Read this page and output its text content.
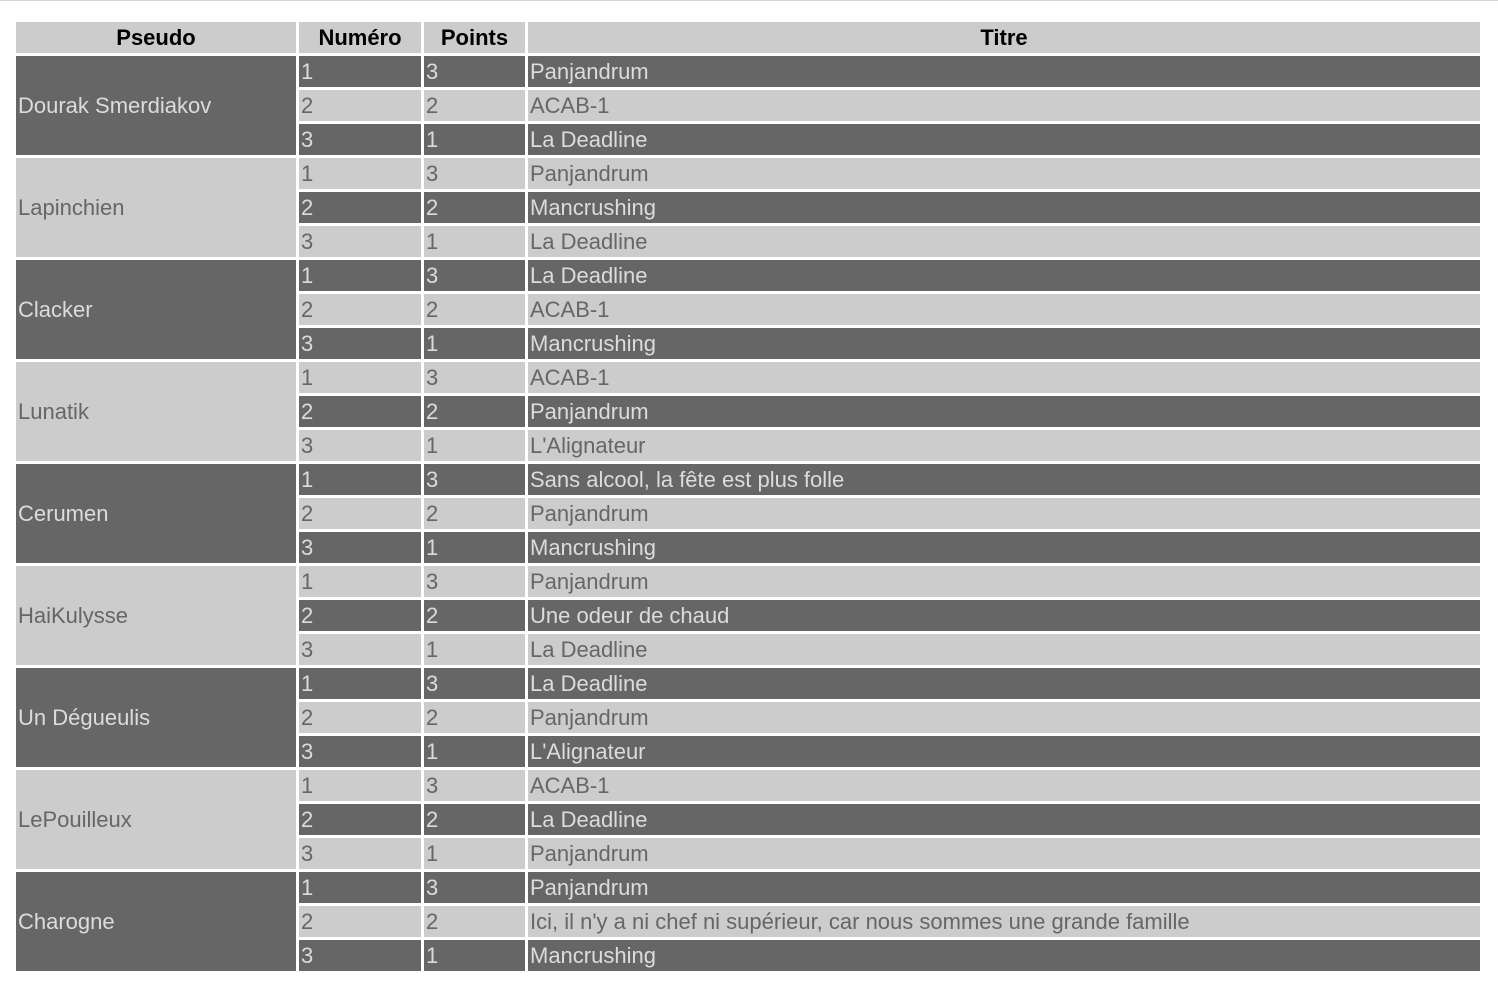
Pseudo	Numéro	Points	Titre
Dourak Smerdiakov	1	3	Panjandrum
	2	2	ACAB-1
	3	1	La Deadline
Lapinchien	1	3	Panjandrum
	2	2	Mancrushing
	3	1	La Deadline
Clacker	1	3	La Deadline
	2	2	ACAB-1
	3	1	Mancrushing
Lunatik	1	3	ACAB-1
	2	2	Panjandrum
	3	1	L'Alignateur
Cerumen	1	3	Sans alcool, la fête est plus folle
	2	2	Panjandrum
	3	1	Mancrushing
HaiKulysse	1	3	Panjandrum
	2	2	Une odeur de chaud
	3	1	La Deadline
Un Dégueulis	1	3	La Deadline
	2	2	Panjandrum
	3	1	L'Alignateur
LePouilleux	1	3	ACAB-1
	2	2	La Deadline
	3	1	Panjandrum
Charogne	1	3	Panjandrum
	2	2	Ici, il n'y a ni chef ni supérieur, car nous sommes une grande famille
	3	1	Mancrushing
